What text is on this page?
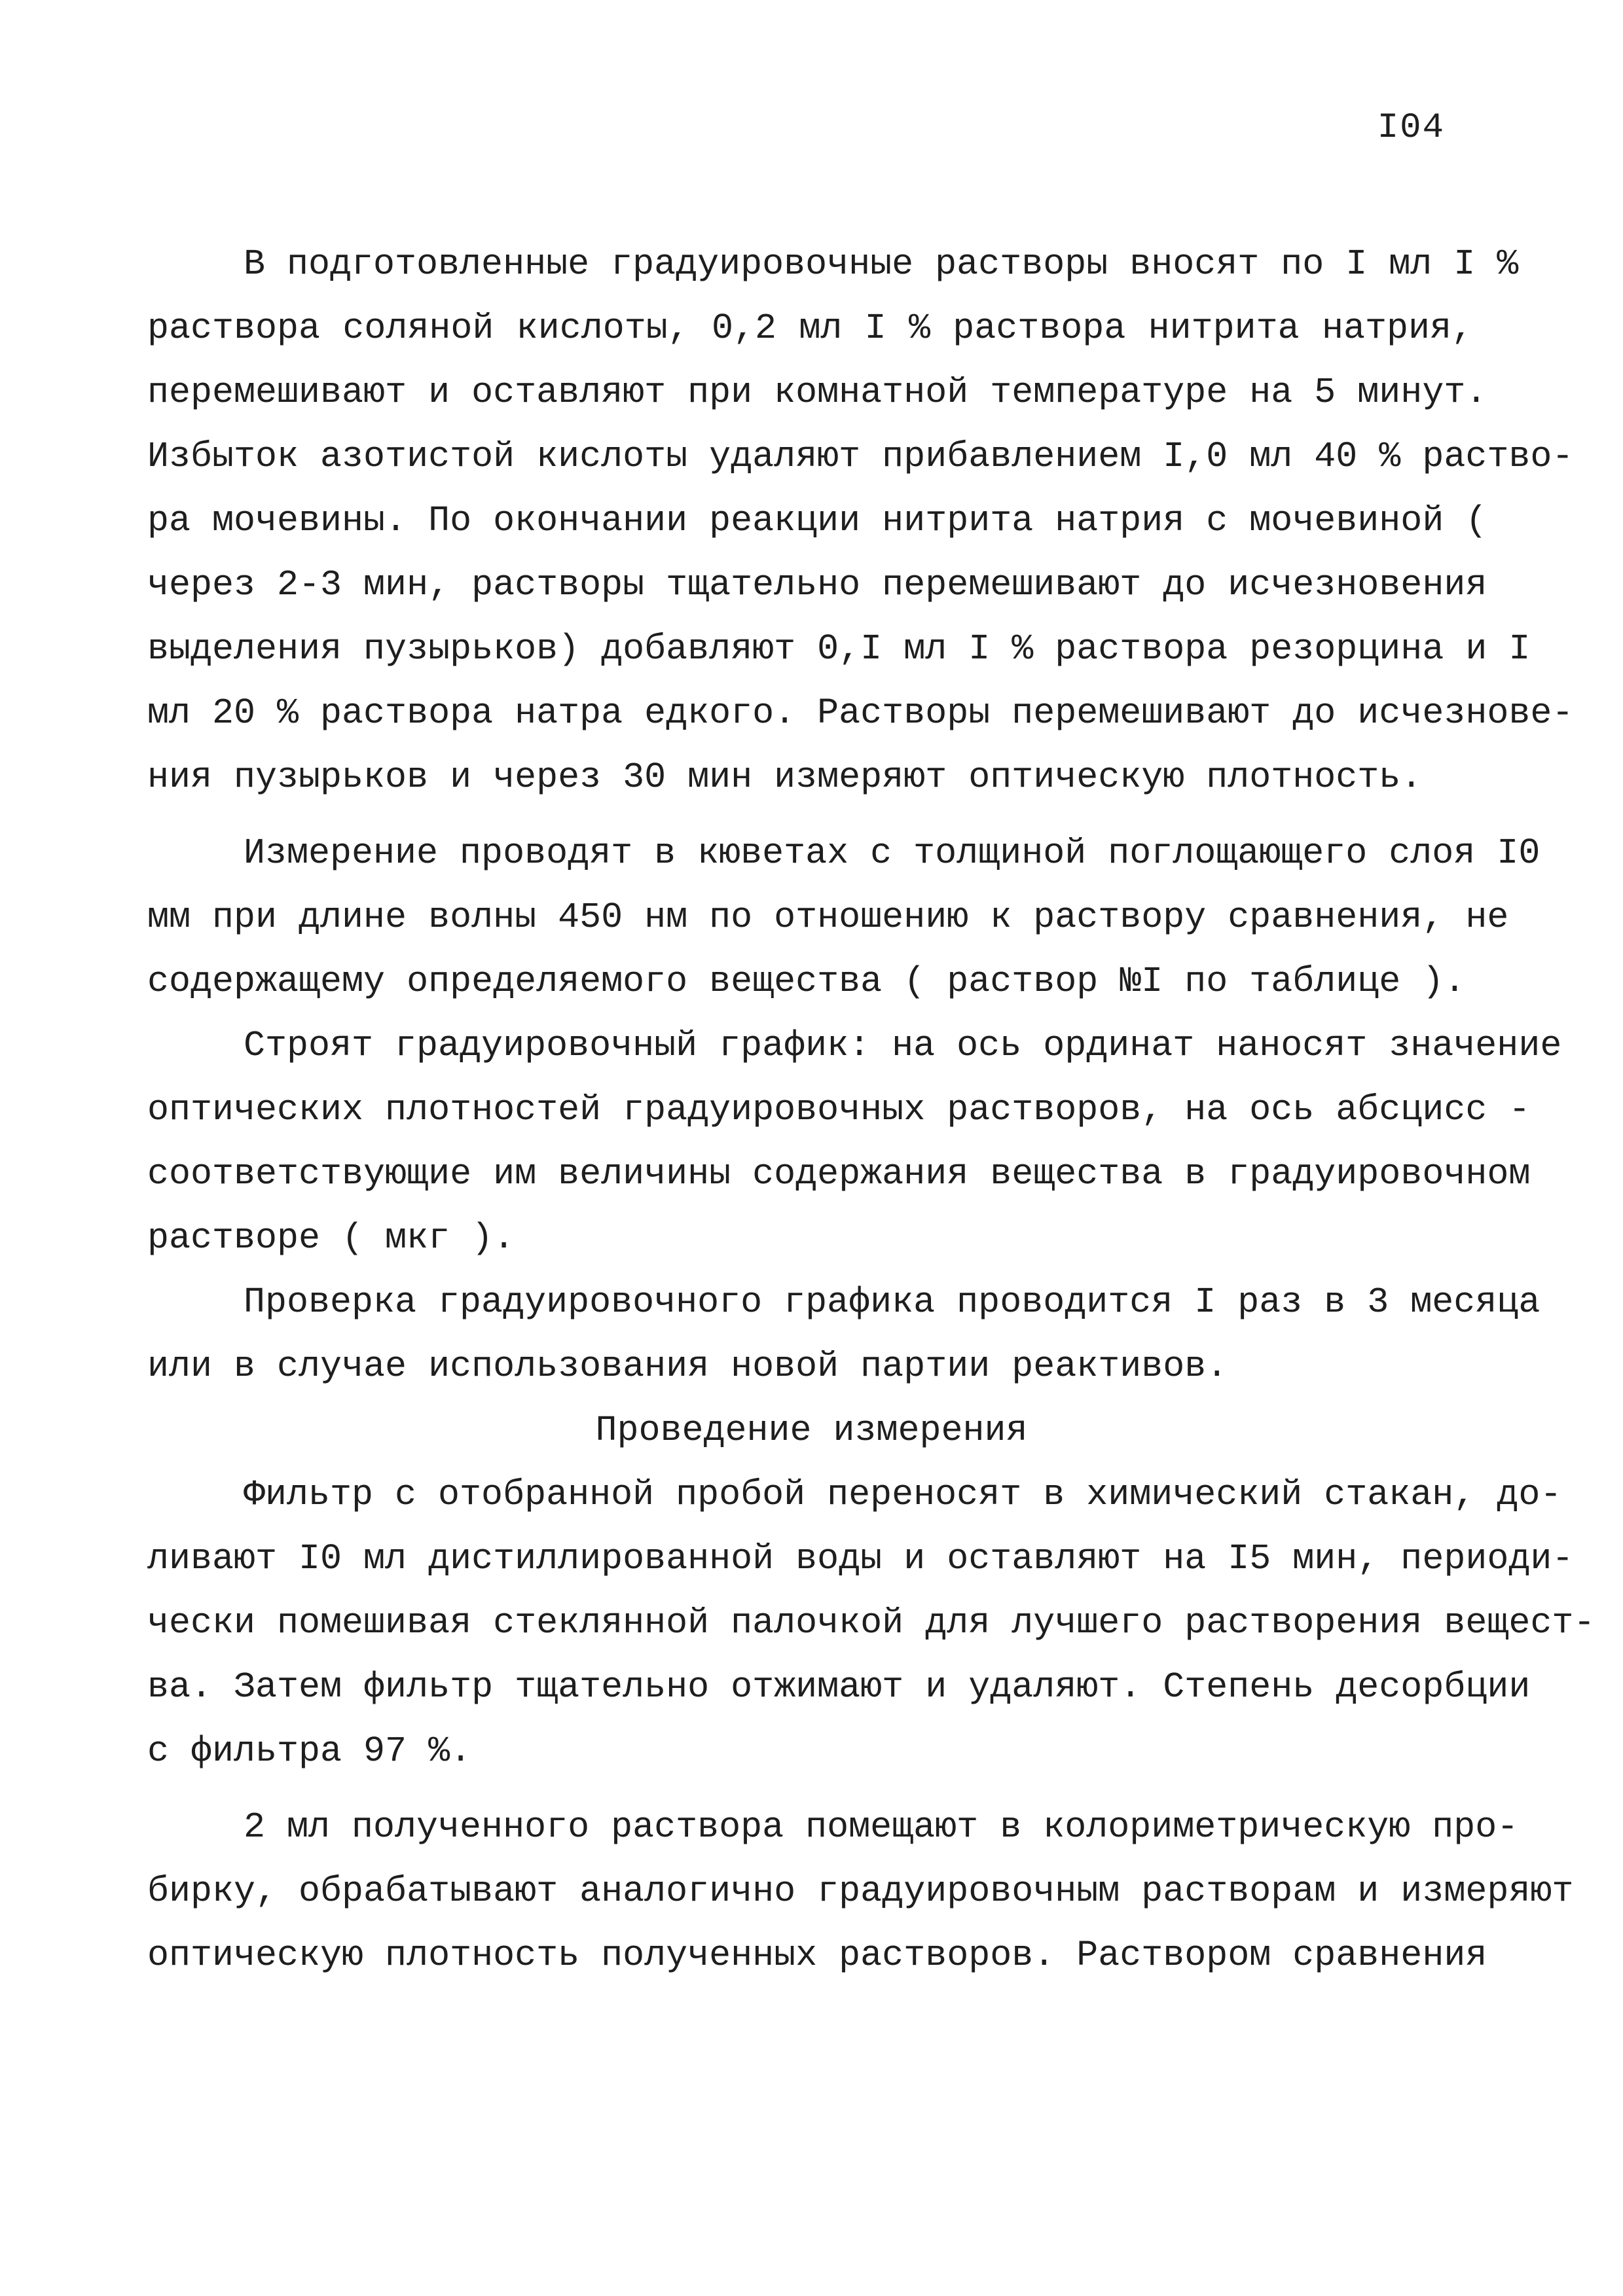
I04
В подготовленные градуировочные растворы вносят по I мл I %
раствора соляной кислоты, 0,2 мл I % раствора нитрита натрия,
перемешивают и оставляют при комнатной температуре на 5 минут.
Избыток азотистой кислоты удаляют прибавлением I,0 мл 40 % раство-
ра мочевины. По окончании реакции нитрита натрия с мочевиной (
через 2-3 мин, растворы тщательно перемешивают до исчезновения
выделения пузырьков) добавляют 0,I мл I % раствора резорцина и I
мл 20 % раствора натра едкого. Растворы перемешивают до исчезнове-
ния пузырьков и через 30 мин измеряют оптическую плотность.
Измерение проводят в кюветах с толщиной поглощающего слоя I0
мм при длине волны 450 нм по отношению к раствору сравнения, не
содержащему определяемого вещества ( раствор №I по таблице ).
Строят градуировочный график: на ось ординат наносят значение
оптических плотностей градуировочных растворов, на ось абсцисс -
соответствующие им величины содержания вещества в градуировочном
растворе ( мкг ).
Проверка градуировочного графика проводится I раз в 3 месяца
или в случае использования новой партии реактивов.
Проведение измерения
Фильтр с отобранной пробой переносят в химический стакан, до-
ливают I0 мл дистиллированной воды и оставляют на I5 мин, периоди-
чески помешивая стеклянной палочкой для лучшего растворения вещест-
ва. Затем фильтр тщательно отжимают и удаляют. Степень десорбции
с фильтра 97 %.
2 мл полученного раствора помещают в колориметрическую про-
бирку, обрабатывают аналогично градуировочным растворам и измеряют
оптическую плотность полученных растворов. Раствором сравнения
